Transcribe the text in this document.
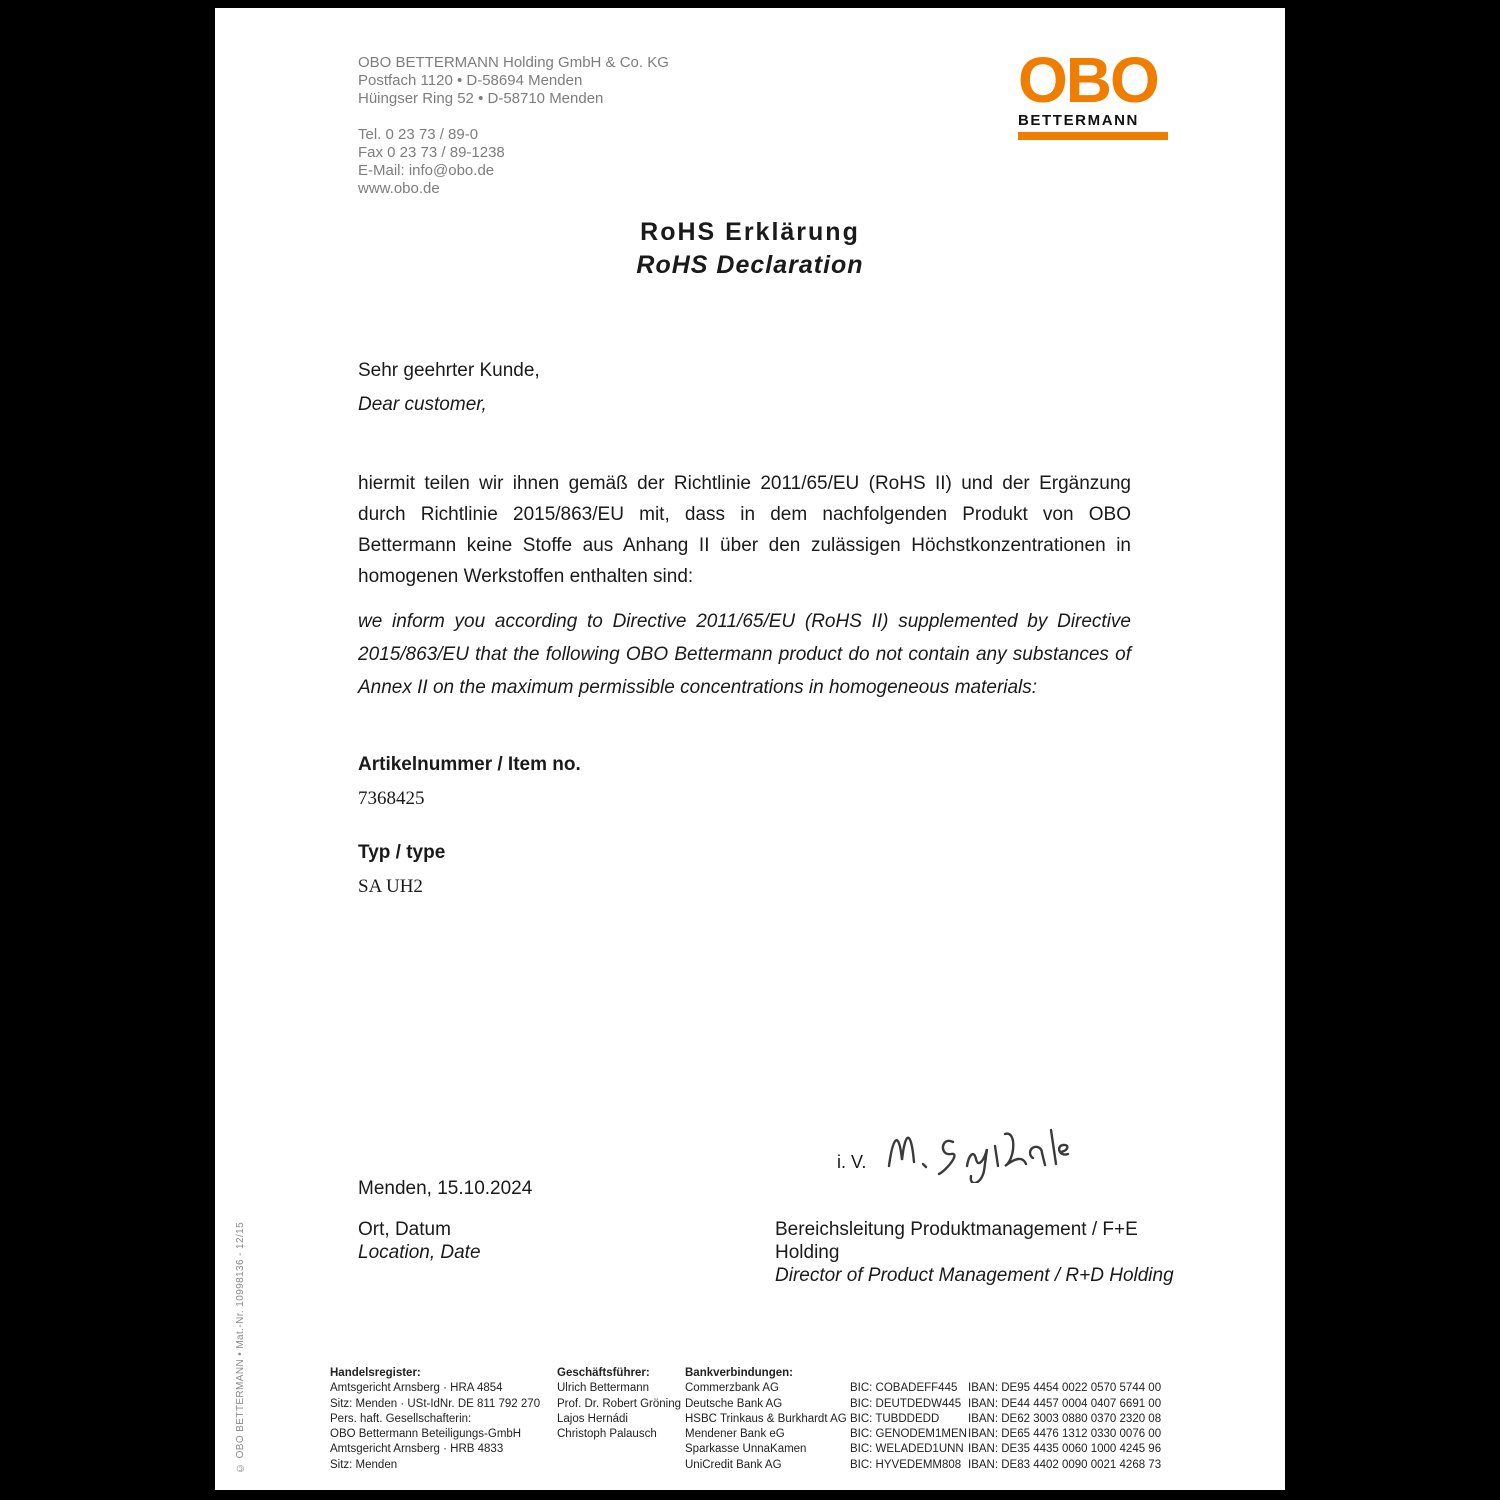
OBO BETTERMANN Holding GmbH & Co. KG
Postfach 1120 • D-58694 Menden
Hüingser Ring 52 • D-58710 Menden
Tel. 0 23 73 / 89-0
Fax 0 23 73 / 89-1238
E-Mail: info@obo.de
www.obo.de
OBO
BETTERMANN
RoHS Erklärung
RoHS Declaration
Sehr geehrter Kunde,
Dear customer,
hiermit teilen wir ihnen gemäß der Richtlinie 2011/65/EU (RoHS II) und der Ergänzung durch Richtlinie 2015/863/EU mit, dass in dem nachfolgenden Produkt von OBO Bettermann keine Stoffe aus Anhang II über den zulässigen Höchstkonzentrationen in homogenen Werkstoffen enthalten sind:
we inform you according to Directive 2011/65/EU (RoHS II) supplemented by Directive 2015/863/EU that the following OBO Bettermann product do not contain any substances of Annex II on the maximum permissible concentrations in homogeneous materials:
Artikelnummer / Item no.
7368425
Typ / type
SA UH2
i. V.
Menden, 15.10.2024
Ort, Datum
Location, Date
Bereichsleitung Produktmanagement / F+E Holding
Director of Product Management / R+D Holding
© OBO BETTERMANN • Mat.-Nr. 10998136 - 12/15	Handelsregister:
Amtsgericht Arnsberg · HRA 4854
Sitz: Menden · USt-IdNr. DE 811 792 270
Pers. haft. Gesellschafterin:
OBO Bettermann Beteiligungs-GmbH
Amtsgericht Arnsberg · HRB 4833
Sitz: Menden
Geschäftsführer:
Ulrich Bettermann
Prof. Dr. Robert Gröning
Lajos Hernádi
Christoph Palausch
Bankverbindungen:
Commerzbank AG	BIC: COBADEFF445 IBAN: DE95 4454 0022 0570 5744 00
Deutsche Bank AG	BIC: DEUTDEDW445 IBAN: DE44 4457 0004 0407 6691 00
HSBC Trinkaus & Burkhardt AG BIC: TUBDDEDD	IBAN: DE62 3003 0880 0370 2320 08
Mendener Bank eG	BIC: GENODEM1MEN IBAN: DE65 4476 1312 0330 0076 00
Sparkasse UnnaKamen	BIC: WELADED1UNN IBAN: DE35 4435 0060 1000 4245 96
UniCredit Bank AG	BIC: HYVEDEMM808 IBAN: DE83 4402 0090 0021 4268 73
